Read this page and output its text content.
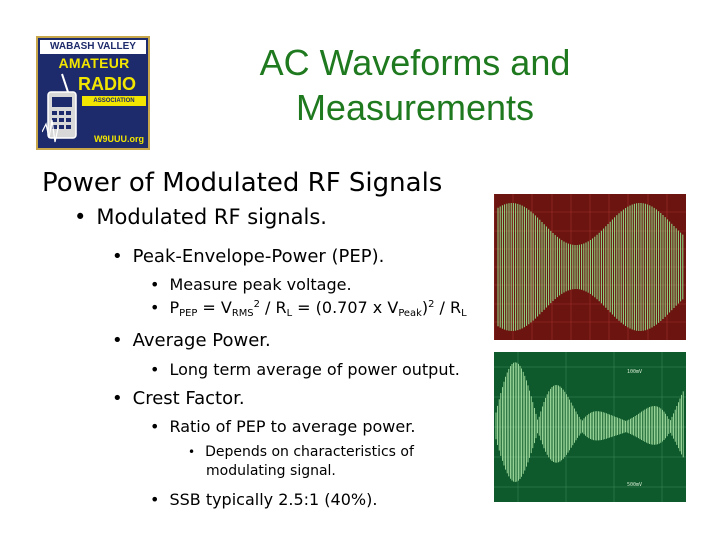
WABASH VALLEY
AMATEUR
RADIO
ASSOCIATION
W9UUU.org
AC Waveforms and
Measurements
Power of Modulated RF Signals
• Modulated RF signals.
• Peak-Envelope-Power (PEP).
• Measure peak voltage.
• $P_{PEP} = V_{RMS}^2 / R_L = (0.707$ x $V_{Peak})^2 / R_L$
• Average Power.
• Long term average of power output.
• Crest Factor.
• Ratio of PEP to average power.
• Depends on characteristics of
modulating signal.
• SSB typically 2.5:1 (40%).
100mV
500mV
